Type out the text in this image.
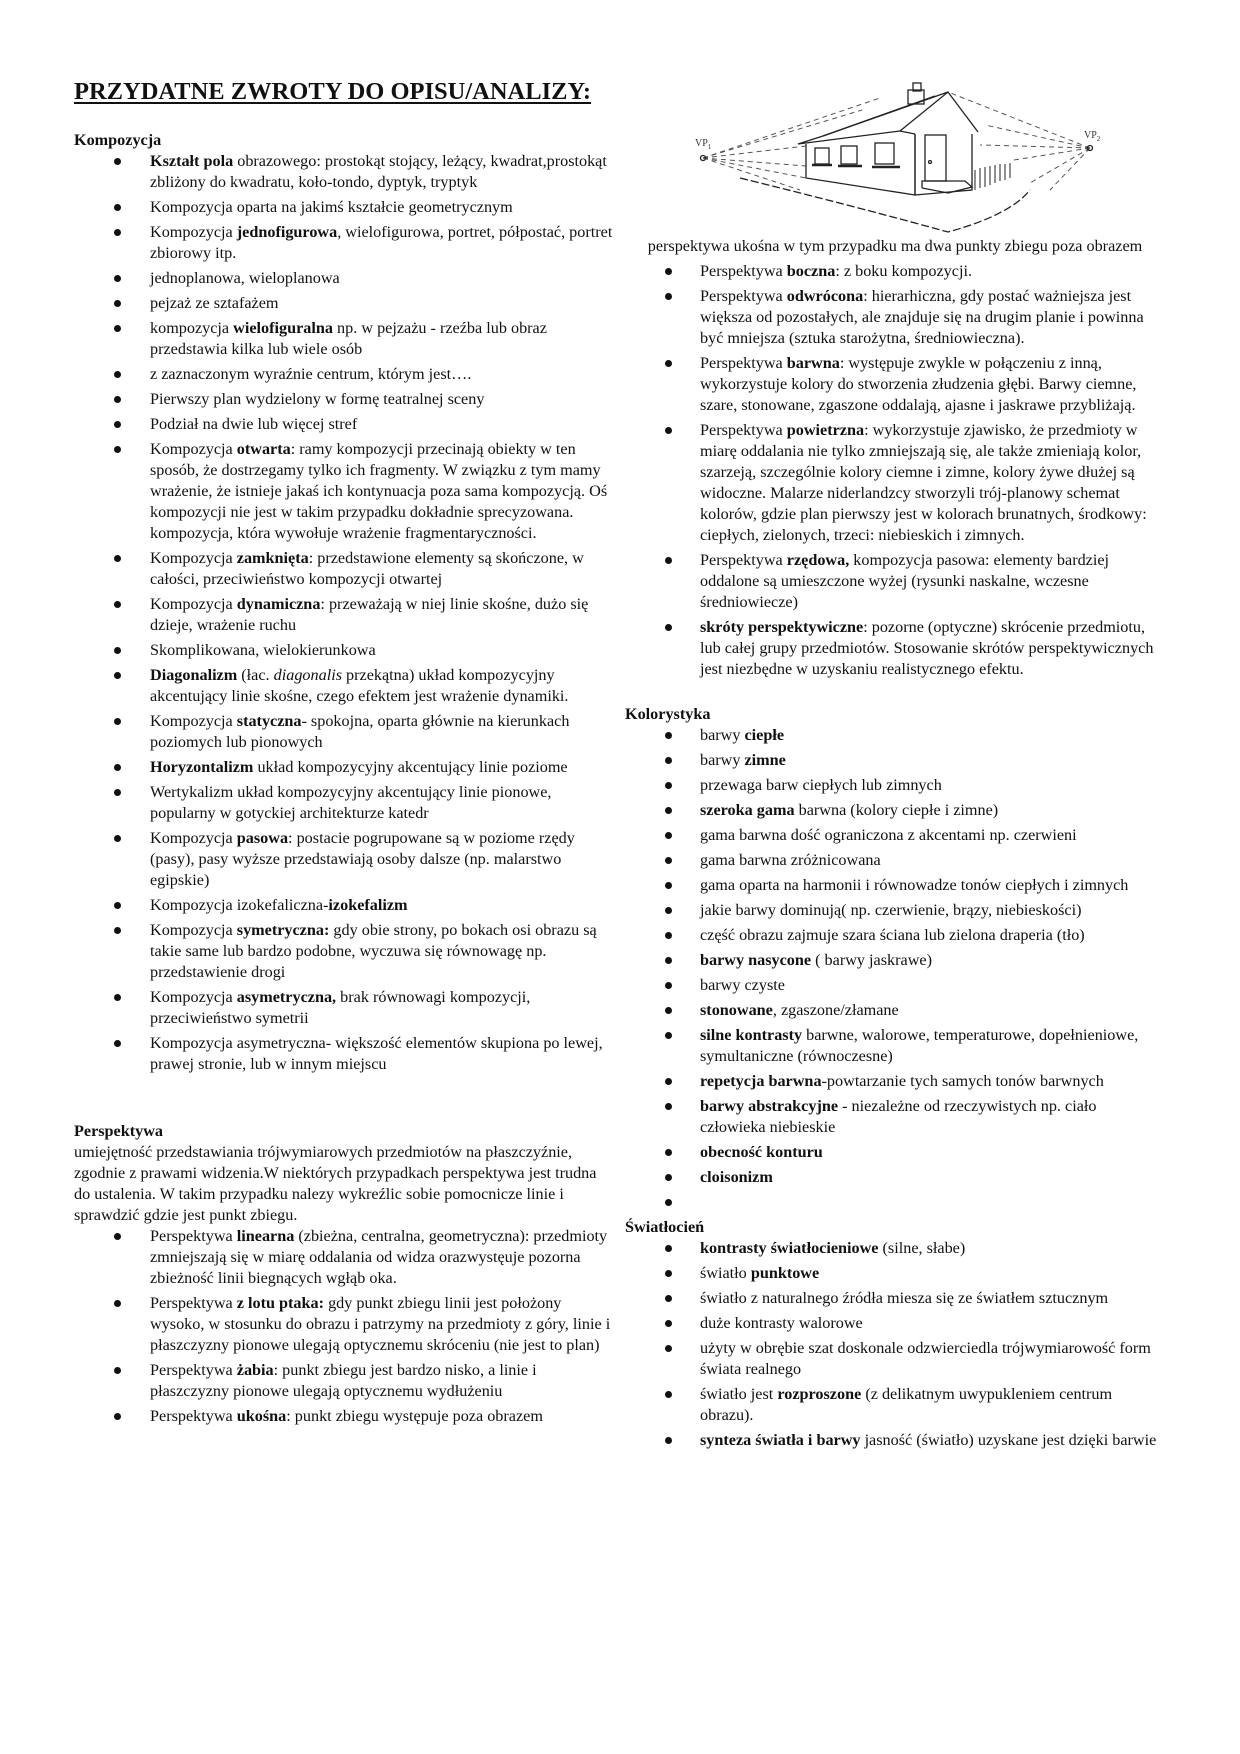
PRZYDATNE ZWROTY DO OPISU/ANALIZY:
Kompozycja
Kształt pola obrazowego: prostokąt stojący, leżący, kwadrat,prostokąt zbliżony do kwadratu, koło-tondo, dyptyk, tryptyk
Kompozycja oparta na jakimś kształcie geometrycznym
Kompozycja jednofigurowa, wielofigurowa, portret, półpostać, portret zbiorowy itp.
jednoplanowa, wieloplanowa
pejzaż ze sztafażem
kompozycja wielofiguralna np. w pejzażu - rzeźba lub obraz przedstawia kilka lub wiele osób
z zaznaczonym wyraźnie centrum, którym jest….
Pierwszy plan wydzielony w formę teatralnej sceny
Podział na dwie lub więcej stref
Kompozycja otwarta: ramy kompozycji przecinają obiekty w ten sposób, że dostrzegamy tylko ich fragmenty. W związku z tym mamy wrażenie, że istnieje jakaś ich kontynuacja poza sama kompozycją. Oś kompozycji nie jest w takim przypadku dokładnie sprecyzowana. kompozycja, która wywołuje wrażenie fragmentaryczności.
Kompozycja zamknięta: przedstawione elementy są skończone, w całości, przeciwieństwo kompozycji otwartej
Kompozycja dynamiczna: przeważają w niej linie skośne, dużo się dzieje, wrażenie ruchu
Skomplikowana, wielokierunkowa
Diagonalizm (łac. diagonalis przekątna) układ kompozycyjny akcentujący linie skośne, czego efektem jest wrażenie dynamiki.
Kompozycja statyczna- spokojna, oparta głównie na kierunkach poziomych lub pionowych
Horyzontalizm układ kompozycyjny akcentujący linie poziome
Wertykalizm układ kompozycyjny akcentujący linie pionowe, popularny w gotyckiej architekturze katedr
Kompozycja pasowa: postacie pogrupowane są w poziome rzędy (pasy), pasy wyższe przedstawiają osoby dalsze (np. malarstwo egipskie)
Kompozycja izokefaliczna-izokefalizm
Kompozycja symetryczna: gdy obie strony, po bokach osi obrazu są takie same lub bardzo podobne, wyczuwa się równowagę np. przedstawienie drogi
Kompozycja asymetryczna, brak równowagi kompozycji, przeciwieństwo symetrii
Kompozycja asymetryczna- większość elementów skupiona po lewej, prawej stronie, lub w innym miejscu
Perspektywa

umiejętność przedstawiania trójwymiarowych przedmiotów na płaszczyźnie, zgodnie z prawami widzenia.W niektórych przypadkach perspektywa jest trudna do ustalenia. W takim przypadku nalezy wykreźlic sobie pomocnicze linie i sprawdzić gdzie jest punkt zbiegu.

Perspektywa linearna (zbieżna, centralna, geometryczna): przedmioty zmniejszają się w miarę oddalania od widza orazwystęuje pozorna zbieżność linii biegnących wgłąb oka.
Perspektywa z lotu ptaka: gdy punkt zbiegu linii jest położony wysoko, w stosunku do obrazu i patrzymy na przedmioty z góry, linie i płaszczyzny pionowe ulegają optycznemu skróceniu (nie jest to plan)
Perspektywa żabia: punkt zbiegu jest bardzo nisko, a linie i płaszczyzny pionowe ulegają optycznemu wydłużeniu
Perspektywa ukośna: punkt zbiegu występuje poza obrazem
$VP_1$
$VP_2$

perspektywa ukośna w tym przypadku ma dwa punkty zbiegu poza obrazem

Perspektywa boczna: z boku kompozycji.
Perspektywa odwrócona: hierarhiczna, gdy postać ważniejsza jest większa od pozostałych, ale znajduje się na drugim planie i powinna być mniejsza (sztuka starożytna, średniowieczna).
Perspektywa barwna: występuje zwykle w połączeniu z inną, wykorzystuje kolory do stworzenia złudzenia głębi. Barwy ciemne, szare, stonowane, zgaszone oddalają, ajasne i jaskrawe przybliżają.
Perspektywa powietrzna: wykorzystuje zjawisko, że przedmioty w miarę oddalania nie tylko zmniejszają się, ale także zmieniają kolor, szarzeją, szczególnie kolory ciemne i zimne, kolory żywe dłużej są widoczne. Malarze niderlandzcy stworzyli trój-planowy schemat kolorów, gdzie plan pierwszy jest w kolorach brunatnych, środkowy: ciepłych, zielonych, trzeci: niebieskich i zimnych.
Perspektywa rzędowa, kompozycja pasowa: elementy bardziej oddalone są umieszczone wyżej (rysunki naskalne, wczesne średniowiecze)
skróty perspektywiczne: pozorne (optyczne) skrócenie przedmiotu, lub całej grupy przedmiotów. Stosowanie skrótów perspektywicznych jest niezbędne w uzyskaniu realistycznego efektu.
Kolorystyka
barwy ciepłe
barwy zimne
przewaga barw ciepłych lub zimnych
szeroka gama barwna (kolory ciepłe i zimne)
gama barwna dość ograniczona z akcentami np. czerwieni
gama barwna zróżnicowana
gama oparta na harmonii i równowadze tonów ciepłych i zimnych
jakie barwy dominują( np. czerwienie, brązy, niebieskości)
część obrazu zajmuje szara ściana lub zielona draperia (tło)
barwy nasycone ( barwy jaskrawe)
barwy czyste
stonowane, zgaszone/złamane
silne kontrasty barwne, walorowe, temperaturowe, dopełnieniowe, symultaniczne (równoczesne)
repetycja barwna-powtarzanie tych samych tonów barwnych
barwy abstrakcyjne - niezależne od rzeczywistych np. ciało człowieka niebieskie
obecność konturu
cloisonizm
Światłocień
kontrasty światłocieniowe (silne, słabe)
światło punktowe
światło z naturalnego źródła miesza się ze światłem sztucznym
duże kontrasty walorowe
użyty w obrębie szat doskonale odzwierciedla trójwymiarowość form świata realnego
światło jest rozproszone (z delikatnym uwypukleniem centrum obrazu).
synteza światła i barwy jasność (światło) uzyskane jest dzięki barwie
